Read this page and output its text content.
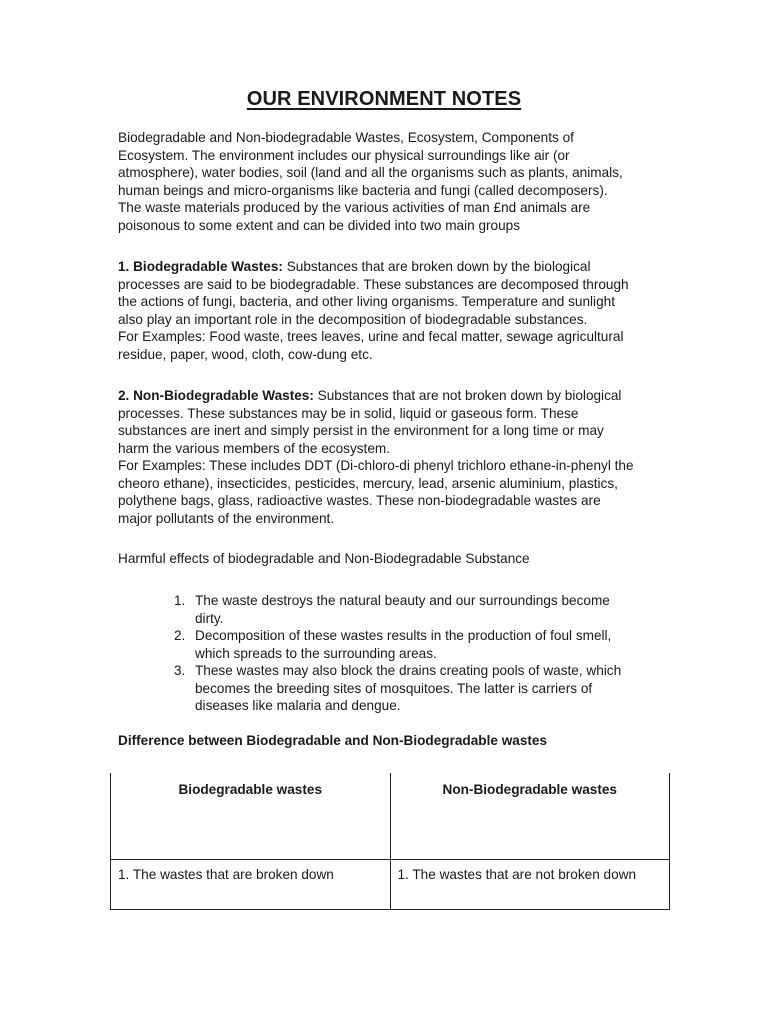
OUR ENVIRONMENT NOTES

Biodegradable and Non-biodegradable Wastes, Ecosystem, Components of
Ecosystem. The environment includes our physical surroundings like air (or
atmosphere), water bodies, soil (land and all the organisms such as plants, animals,
human beings and micro-organisms like bacteria and fungi (called decomposers).
The waste materials produced by the various activities of man £nd animals are
poisonous to some extent and can be divided into two main groups

1. Biodegradable Wastes: Substances that are broken down by the biological
processes are said to be biodegradable. These substances are decomposed through
the actions of fungi, bacteria, and other living organisms. Temperature and sunlight
also play an important role in the decomposition of biodegradable substances.
For Examples: Food waste, trees leaves, urine and fecal matter, sewage agricultural
residue, paper, wood, cloth, cow-dung etc.

2. Non-Biodegradable Wastes: Substances that are not broken down by biological
processes. These substances may be in solid, liquid or gaseous form. These
substances are inert and simply persist in the environment for a long time or may
harm the various members of the ecosystem.
For Examples: These includes DDT (Di-chloro-di phenyl trichloro ethane-in-phenyl the
cheoro ethane), insecticides, pesticides, mercury, lead, arsenic aluminium, plastics,
polythene bags, glass, radioactive wastes. These non-biodegradable wastes are
major pollutants of the environment.

Harmful effects of biodegradable and Non-Biodegradable Substance

1. The waste destroys the natural beauty and our surroundings become
dirty.
2. Decomposition of these wastes results in the production of foul smell,
which spreads to the surrounding areas.
3. These wastes may also block the drains creating pools of waste, which
becomes the breeding sites of mosquitoes. The latter is carriers of
diseases like malaria and dengue.

Difference between Biodegradable and Non-Biodegradable wastes

Biodegradable wastes	Non-Biodegradable wastes
1. The wastes that are broken down	1. The wastes that are not broken down
